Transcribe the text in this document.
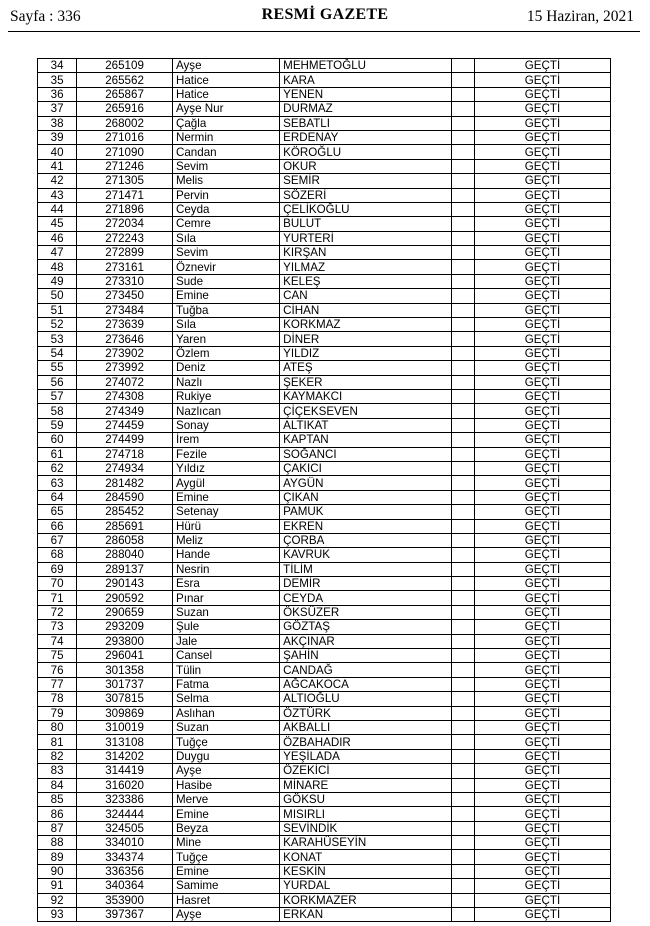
Sayfa : 336	RESMİ GAZETE	15 Haziran, 2021
34	265109	Ayşe	MEHMETOĞLU		GEÇTİ
35	265562	Hatice	KARA		GEÇTİ
36	265867	Hatice	YENEN		GEÇTİ
37	265916	Ayşe Nur	DURMAZ		GEÇTİ
38	268002	Çağla	SEBATLI		GEÇTİ
39	271016	Nermin	ERDENAY		GEÇTİ
40	271090	Candan	KÖROĞLU		GEÇTİ
41	271246	Sevim	OKUR		GEÇTİ
42	271305	Melis	SEMİR		GEÇTİ
43	271471	Pervin	SÖZERİ		GEÇTİ
44	271896	Ceyda	ÇELİKOĞLU		GEÇTİ
45	272034	Cemre	BULUT		GEÇTİ
46	272243	Sıla	YURTERİ		GEÇTİ
47	272899	Sevim	KIRŞAN		GEÇTİ
48	273161	Öznevir	YILMAZ		GEÇTİ
49	273310	Sude	KELEŞ		GEÇTİ
50	273450	Emine	CAN		GEÇTİ
51	273484	Tuğba	CİHAN		GEÇTİ
52	273639	Sıla	KORKMAZ		GEÇTİ
53	273646	Yaren	DİNER		GEÇTİ
54	273902	Özlem	YILDIZ		GEÇTİ
55	273992	Deniz	ATEŞ		GEÇTİ
56	274072	Nazlı	ŞEKER		GEÇTİ
57	274308	Rukiye	KAYMAKCI		GEÇTİ
58	274349	Nazlıcan	ÇİÇEKSEVEN		GEÇTİ
59	274459	Sonay	ALTIKAT		GEÇTİ
60	274499	İrem	KAPTAN		GEÇTİ
61	274718	Fezile	SOĞANCI		GEÇTİ
62	274934	Yıldız	ÇAKICI		GEÇTİ
63	281482	Aygül	AYGÜN		GEÇTİ
64	284590	Emine	ÇIKAN		GEÇTİ
65	285452	Setenay	PAMUK		GEÇTİ
66	285691	Hürü	EKREN		GEÇTİ
67	286058	Meliz	ÇORBA		GEÇTİ
68	288040	Hande	KAVRUK		GEÇTİ
69	289137	Nesrin	TİLİM		GEÇTİ
70	290143	Esra	DEMİR		GEÇTİ
71	290592	Pınar	CEYDA		GEÇTİ
72	290659	Suzan	ÖKSÜZER		GEÇTİ
73	293209	Şule	GÖZTAŞ		GEÇTİ
74	293800	Jale	AKÇINAR		GEÇTİ
75	296041	Cansel	ŞAHİN		GEÇTİ
76	301358	Tülin	CANDAĞ		GEÇTİ
77	301737	Fatma	AĞCAKOCA		GEÇTİ
78	307815	Selma	ALTIOĞLU		GEÇTİ
79	309869	Aslıhan	ÖZTÜRK		GEÇTİ
80	310019	Suzan	AKBALLI		GEÇTİ
81	313108	Tuğçe	ÖZBAHADIR		GEÇTİ
82	314202	Duygu	YEŞİLADA		GEÇTİ
83	314419	Ayşe	ÖZEKİCİ		GEÇTİ
84	316020	Hasibe	MİNARE		GEÇTİ
85	323386	Merve	GÖKSU		GEÇTİ
86	324444	Emine	MISIRLI		GEÇTİ
87	324505	Beyza	SEVİNDİK		GEÇTİ
88	334010	Mine	KARAHÜSEYİN		GEÇTİ
89	334374	Tuğçe	KONAT		GEÇTİ
90	336356	Emine	KESKİN		GEÇTİ
91	340364	Samime	YURDAL		GEÇTİ
92	353900	Hasret	KORKMAZER		GEÇTİ
93	397367	Ayşe	ERKAN		GEÇTİ
